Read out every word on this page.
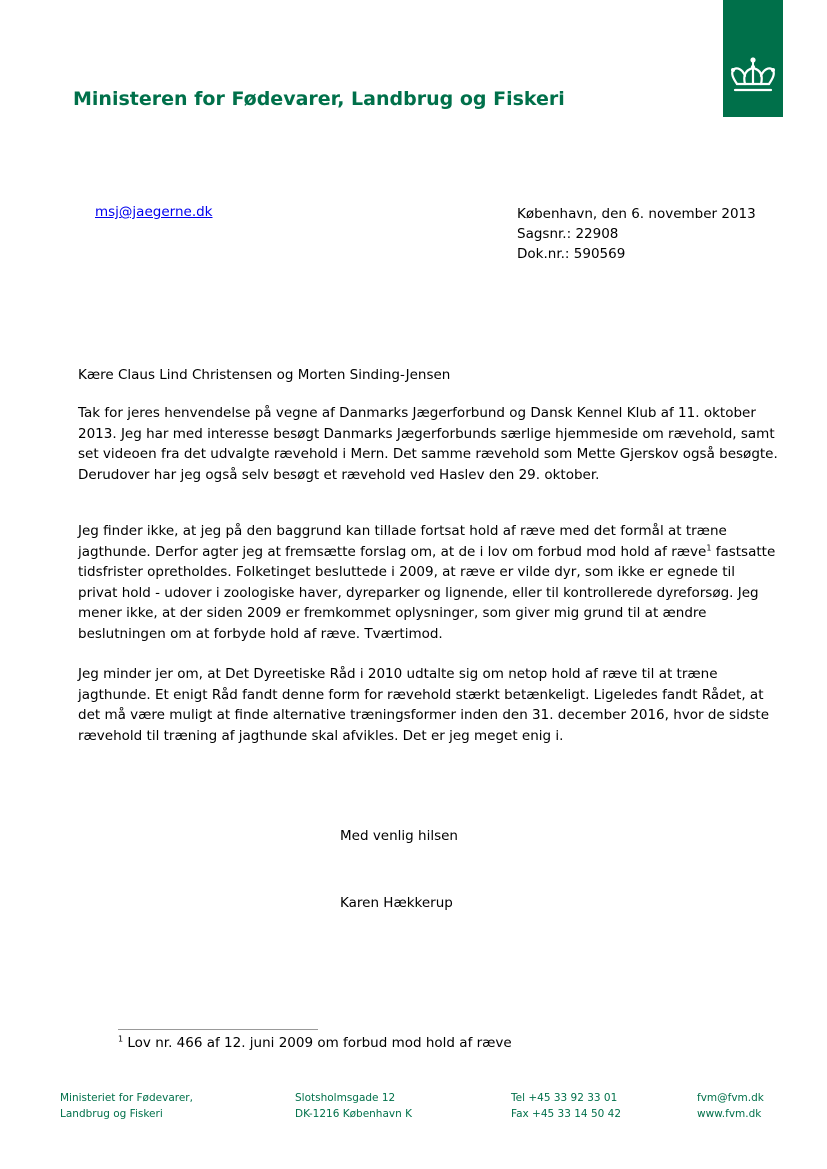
Ministeren for Fødevarer, Landbrug og Fiskeri
msj@jaegerne.dk	København, den 6. november 2013
Sagsnr.: 22908
Dok.nr.: 590569
Kære Claus Lind Christensen og Morten Sinding-Jensen

Tak for jeres henvendelse på vegne af Danmarks Jægerforbund og Dansk Kennel Klub af 11. oktober 2013. Jeg har med interesse besøgt Danmarks Jægerforbunds særlige hjemmeside om rævehold, samt set videoen fra det udvalgte rævehold i Mern. Det samme rævehold som Mette Gjerskov også besøgte. Derudover har jeg også selv besøgt et rævehold ved Haslev den 29. oktober.

Jeg finder ikke, at jeg på den baggrund kan tillade fortsat hold af ræve med det formål at træne jagthunde. Derfor agter jeg at fremsætte forslag om, at de i lov om forbud mod hold af ræve$^1$ fastsatte tidsfrister opretholdes. Folketinget besluttede i 2009, at ræve er vilde dyr, som ikke er egnede til privat hold - udover i zoologiske haver, dyreparker og lignende, eller til kontrollerede dyreforsøg. Jeg mener ikke, at der siden 2009 er fremkommet oplysninger, som giver mig grund til at ændre beslutningen om at forbyde hold af ræve. Tværtimod.

Jeg minder jer om, at Det Dyreetiske Råd i 2010 udtalte sig om netop hold af ræve til at træne jagthunde. Et enigt Råd fandt denne form for rævehold stærkt betænkeligt. Ligeledes fandt Rådet, at det må være muligt at finde alternative træningsformer inden den 31. december 2016, hvor de sidste rævehold til træning af jagthunde skal afvikles. Det er jeg meget enig i.

Med venlig hilsen
Karen Hækkerup
$^1$ Lov nr. 466 af 12. juni 2009 om forbud mod hold af ræve
Ministeriet for Fødevarer,
Landbrug og Fiskeri
Slotsholmsgade 12
DK-1216 København K
Tel +45 33 92 33 01
Fax +45 33 14 50 42
fvm@fvm.dk
www.fvm.dk
